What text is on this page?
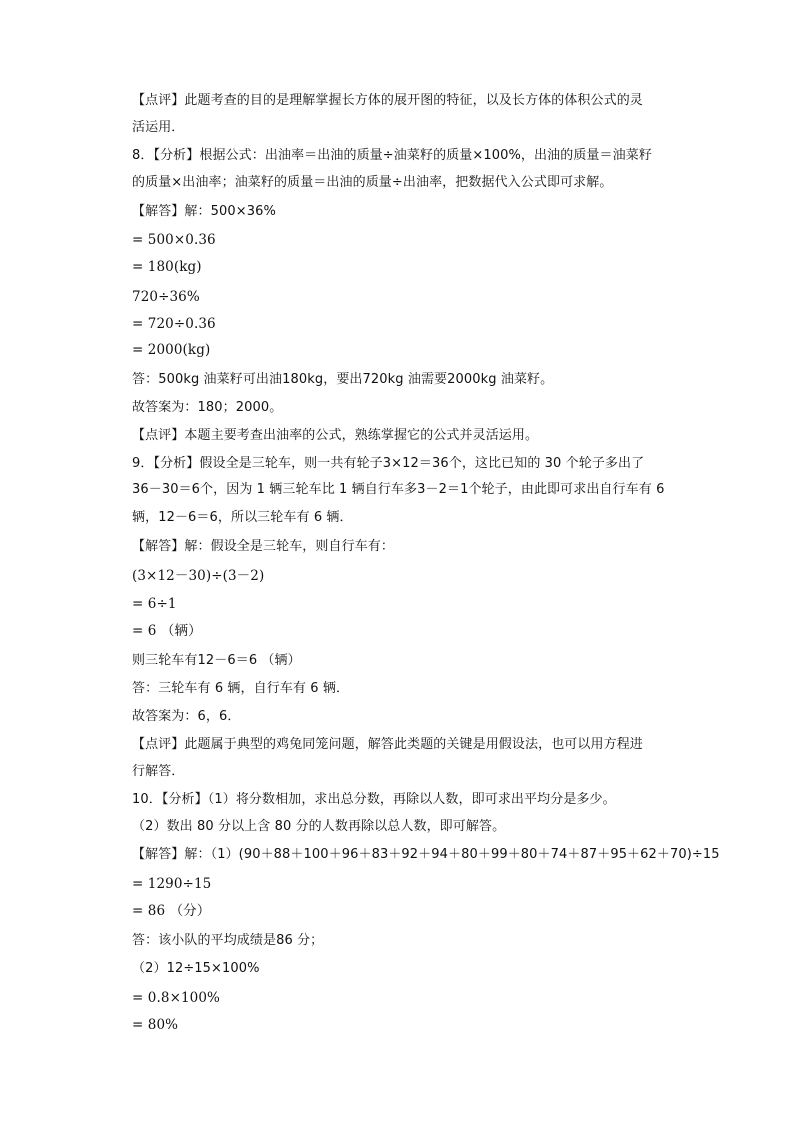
【点评】此题考查的目的是理解掌握长方体的展开图的特征，以及长方体的体积公式的灵
活运用．
8．【分析】根据公式：出油率＝出油的质量÷油菜籽的质量×100%，出油的质量＝油菜籽
的质量×出油率；油菜籽的质量＝出油的质量÷出油率，把数据代入公式即可求解。
【解答】解：500×36%
= 500×0.36
= 180(kg)
720÷36%
= 720÷0.36
= 2000(kg)
答：500kg 油菜籽可出油180kg，要出720kg 油需要2000kg 油菜籽。
故答案为：180；2000。
【点评】本题主要考查出油率的公式，熟练掌握它的公式并灵活运用。
9．【分析】假设全是三轮车，则一共有轮子3×12＝36个，这比已知的 30 个轮子多出了
36－30＝6个，因为 1 辆三轮车比 1 辆自行车多3－2＝1个轮子，由此即可求出自行车有 6
辆，12－6＝6，所以三轮车有 6 辆．
【解答】解：假设全是三轮车，则自行车有：
(3×12－30)÷(3－2)
= 6÷1
= 6 （辆）
则三轮车有12－6＝6 （辆）
答：三轮车有 6 辆，自行车有 6 辆．
故答案为：6，6．
【点评】此题属于典型的鸡兔同笼问题，解答此类题的关键是用假设法，也可以用方程进
行解答．
10．【分析】（1）将分数相加，求出总分数，再除以人数，即可求出平均分是多少。
（2）数出 80 分以上含 80 分的人数再除以总人数，即可解答。
【解答】解：（1）(90＋88＋100＋96＋83＋92＋94＋80＋99＋80＋74＋87＋95＋62＋70)÷15
= 1290÷15
= 86 （分）
答：该小队的平均成绩是86 分；
（2）12÷15×100%
= 0.8×100%
= 80%
